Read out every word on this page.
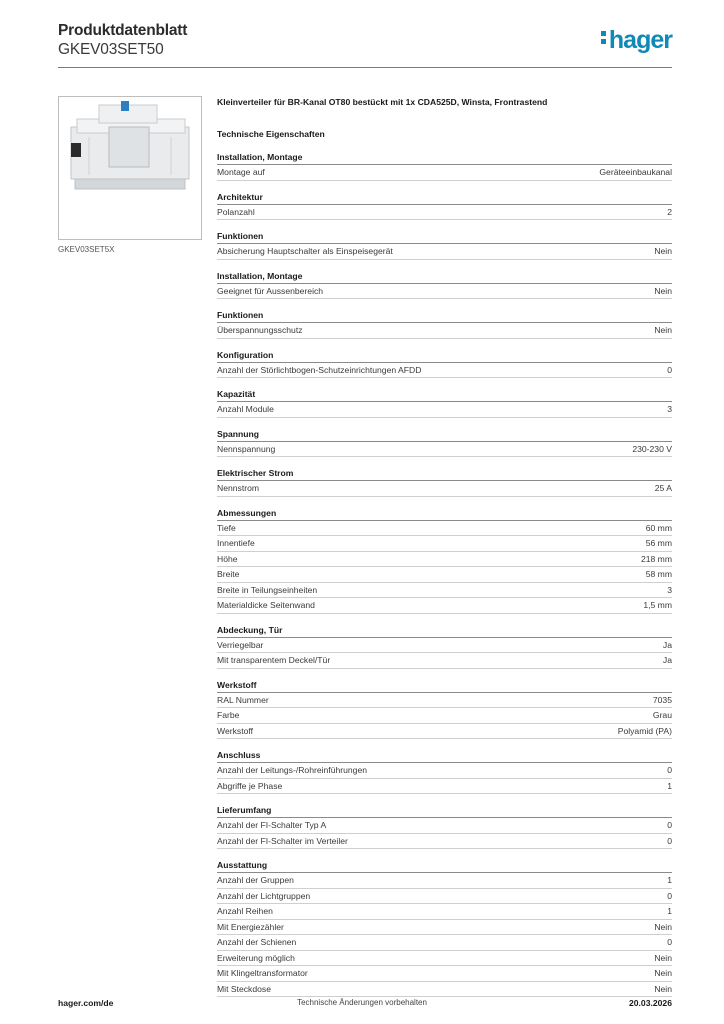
Produktdatenblatt
GKEV03SET50	hager
GKEV03SET5X
Kleinverteiler für BR-Kanal OT80 bestückt mit 1x CDA525D, Winsta, Frontrastend
Technische Eigenschaften
Installation, Montage
Montage auf	Geräteeinbaukanal
Architektur
Polanzahl	2
Funktionen
Absicherung Hauptschalter als Einspeisegerät	Nein
Installation, Montage
Geeignet für Aussenbereich	Nein
Funktionen
Überspannungsschutz	Nein
Konfiguration
Anzahl der Störlichtbogen-Schutzeinrichtungen AFDD	0
Kapazität
Anzahl Module	3
Spannung
Nennspannung	230-230 V
Elektrischer Strom
Nennstrom	25 A
Abmessungen
Tiefe	60 mm
Innentiefe	56 mm
Höhe	218 mm
Breite	58 mm
Breite in Teilungseinheiten	3
Materialdicke Seitenwand	1,5 mm
Abdeckung, Tür
Verriegelbar	Ja
Mit transparentem Deckel/Tür	Ja
Werkstoff
RAL Nummer	7035
Farbe	Grau
Werkstoff	Polyamid (PA)
Anschluss
Anzahl der Leitungs-/Rohreinführungen	0
Abgriffe je Phase	1
Lieferumfang
Anzahl der FI-Schalter Typ A	0
Anzahl der FI-Schalter im Verteiler	0
Ausstattung
Anzahl der Gruppen	1
Anzahl der Lichtgruppen	0
Anzahl Reihen	1
Mit Energiezähler	Nein
Anzahl der Schienen	0
Erweiterung möglich	Nein
Mit Klingeltransformator	Nein
Mit Steckdose	Nein
hager.com/de	Technische Änderungen vorbehalten	20.03.2026
